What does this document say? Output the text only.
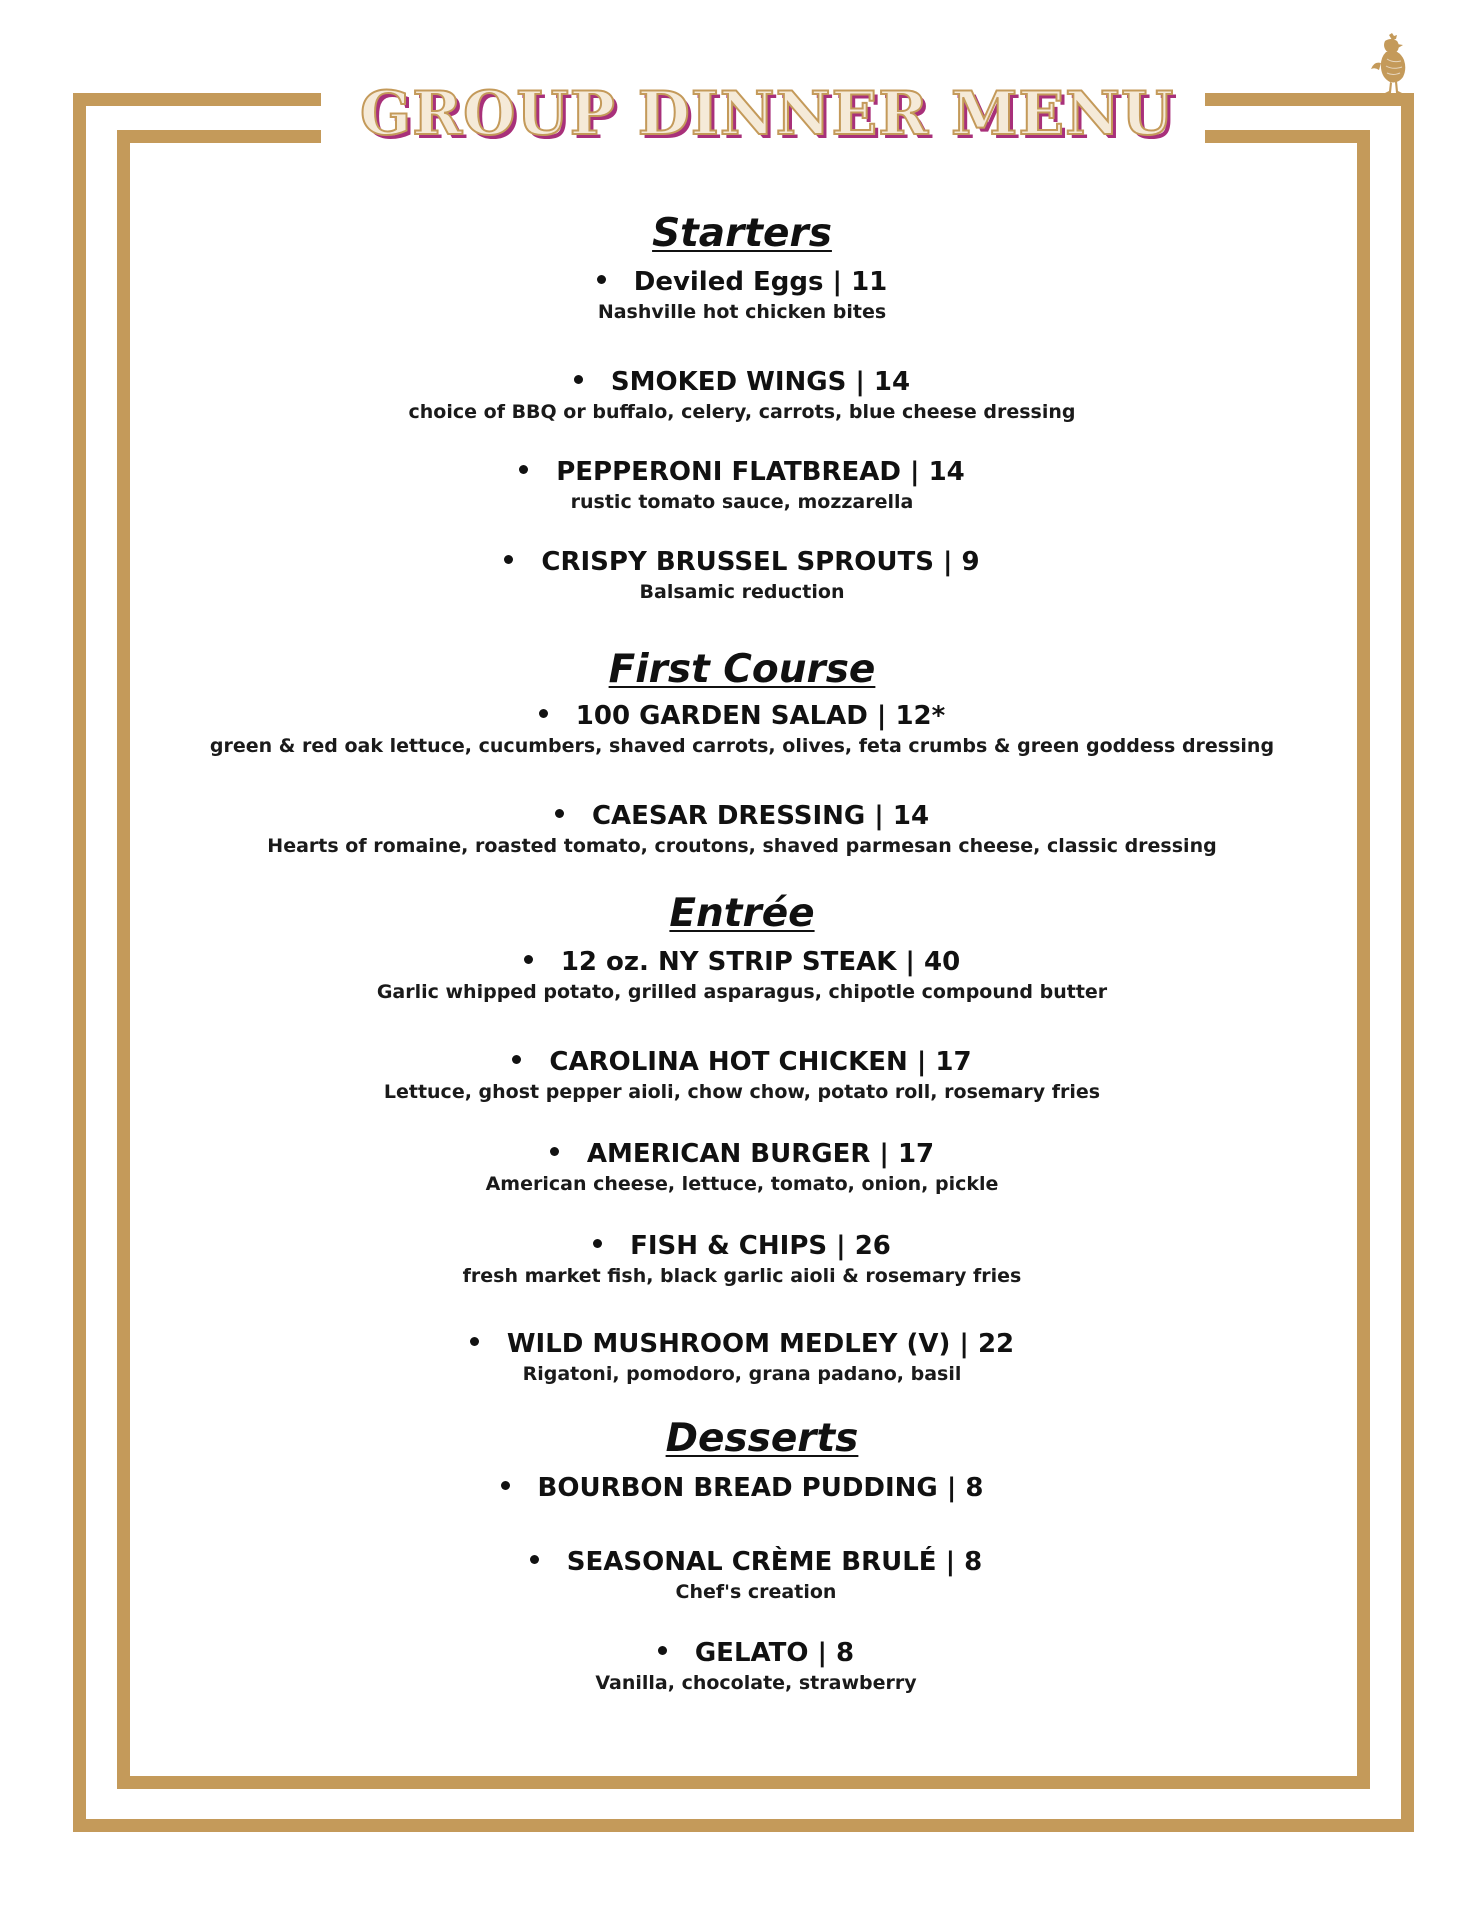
GROUP DINNER MENU
Starters
Deviled Eggs | 11
Nashville hot chicken bites
SMOKED WINGS | 14
choice of BBQ or buffalo, celery, carrots, blue cheese dressing
PEPPERONI FLATBREAD | 14
rustic tomato sauce, mozzarella
CRISPY BRUSSEL SPROUTS | 9
Balsamic reduction
First Course
100 GARDEN SALAD | 12*
green & red oak lettuce, cucumbers, shaved carrots, olives, feta crumbs & green goddess dressing
CAESAR DRESSING | 14
Hearts of romaine, roasted tomato, croutons, shaved parmesan cheese, classic dressing
Entrée
12 oz. NY STRIP STEAK | 40
Garlic whipped potato, grilled asparagus, chipotle compound butter
CAROLINA HOT CHICKEN | 17
Lettuce, ghost pepper aioli, chow chow, potato roll, rosemary fries
AMERICAN BURGER | 17
American cheese, lettuce, tomato, onion, pickle
FISH & CHIPS | 26
fresh market fish, black garlic aioli & rosemary fries
WILD MUSHROOM MEDLEY (V) | 22
Rigatoni, pomodoro, grana padano, basil
Desserts
BOURBON BREAD PUDDING | 8
SEASONAL CRÈME BRULÉ | 8
Chef's creation
GELATO | 8
Vanilla, chocolate, strawberry
